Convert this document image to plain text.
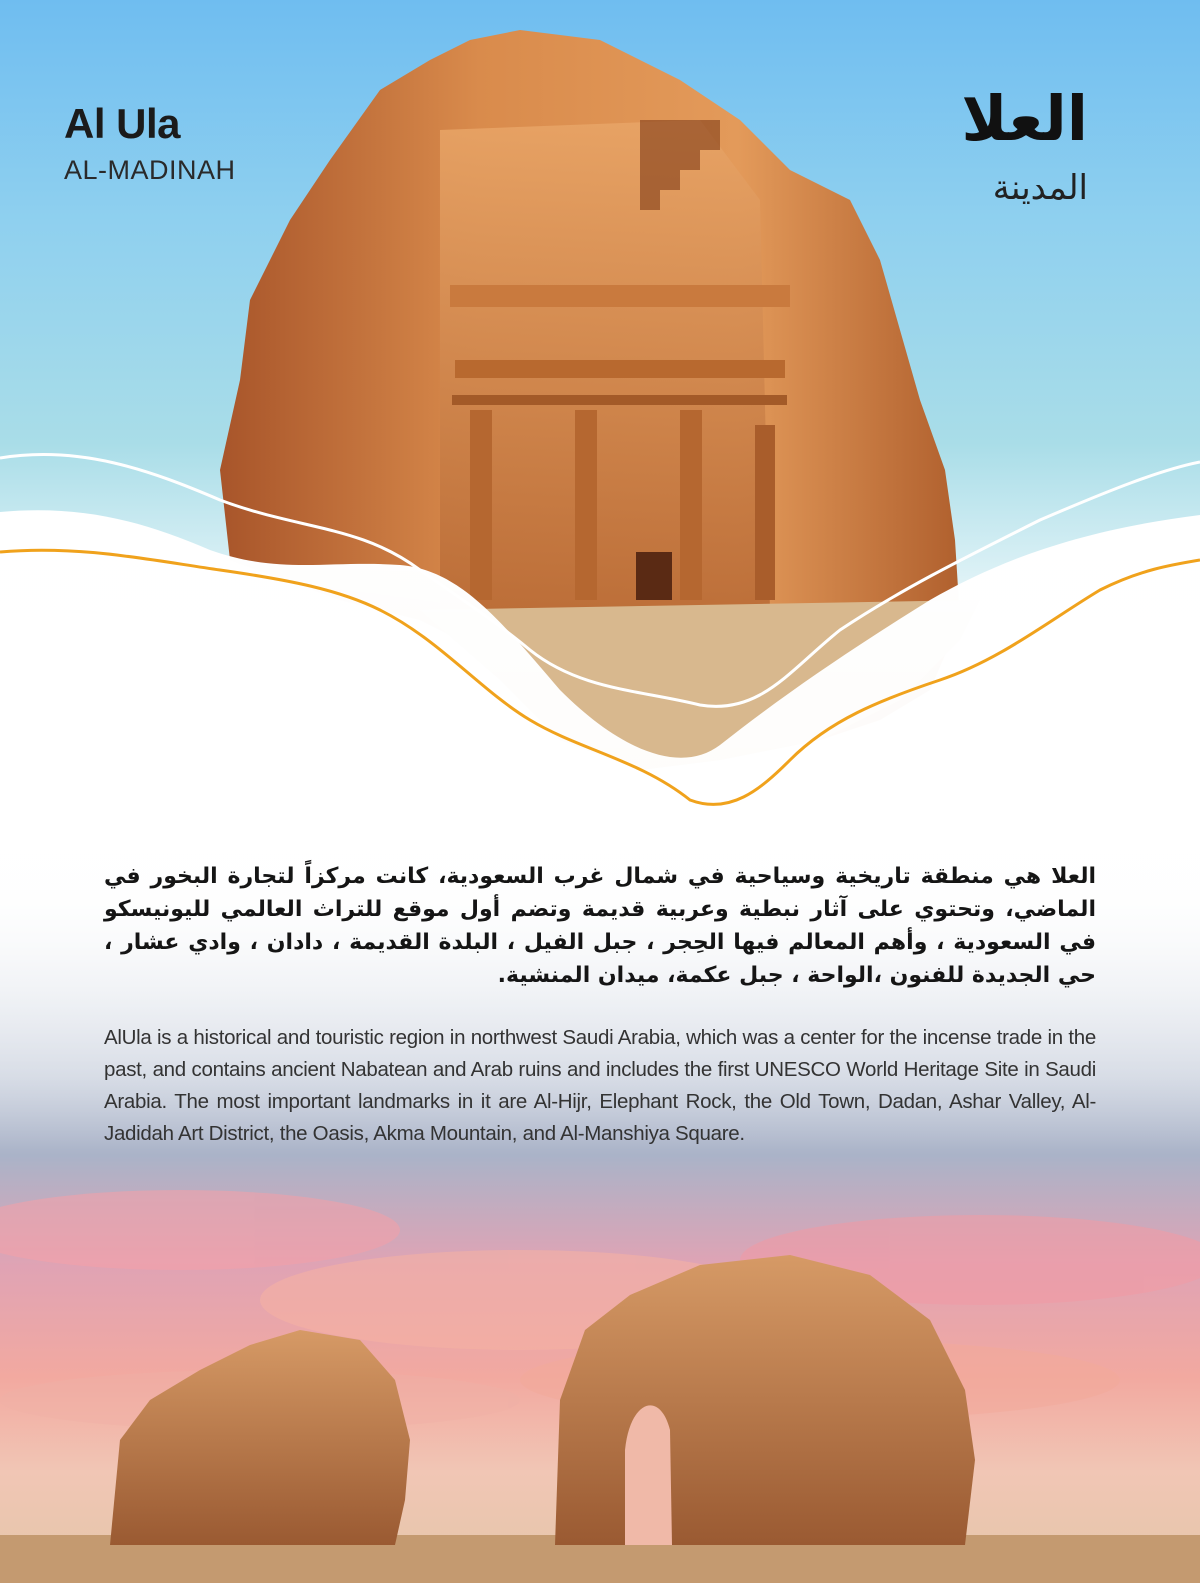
Al Ula
AL-MADINAH
العلا
المدينة

العلا هي منطقة تاريخية وسياحية في شمال غرب السعودية، كانت مركزاً لتجارة البخور في الماضي، وتحتوي على آثار نبطية وعربية قديمة وتضم أول موقع للتراث العالمي لليونيسكو في السعودية ، وأهم المعالم فيها الحِجر ، جبل الفيل ، البلدة القديمة ، دادان ، وادي عشار ، حي الجديدة للفنون ،الواحة ، جبل عكمة، ميدان المنشية.

AlUla is a historical and touristic region in northwest Saudi Arabia, which was a center for the incense trade in the past, and contains ancient Nabatean and Arab ruins and includes the first UNESCO World Heritage Site in Saudi Arabia. The most important landmarks in it are Al-Hijr, Elephant Rock, the Old Town, Dadan, Ashar Valley, Al-Jadidah Art District, the Oasis, Akma Mountain, and Al-Manshiya Square.
